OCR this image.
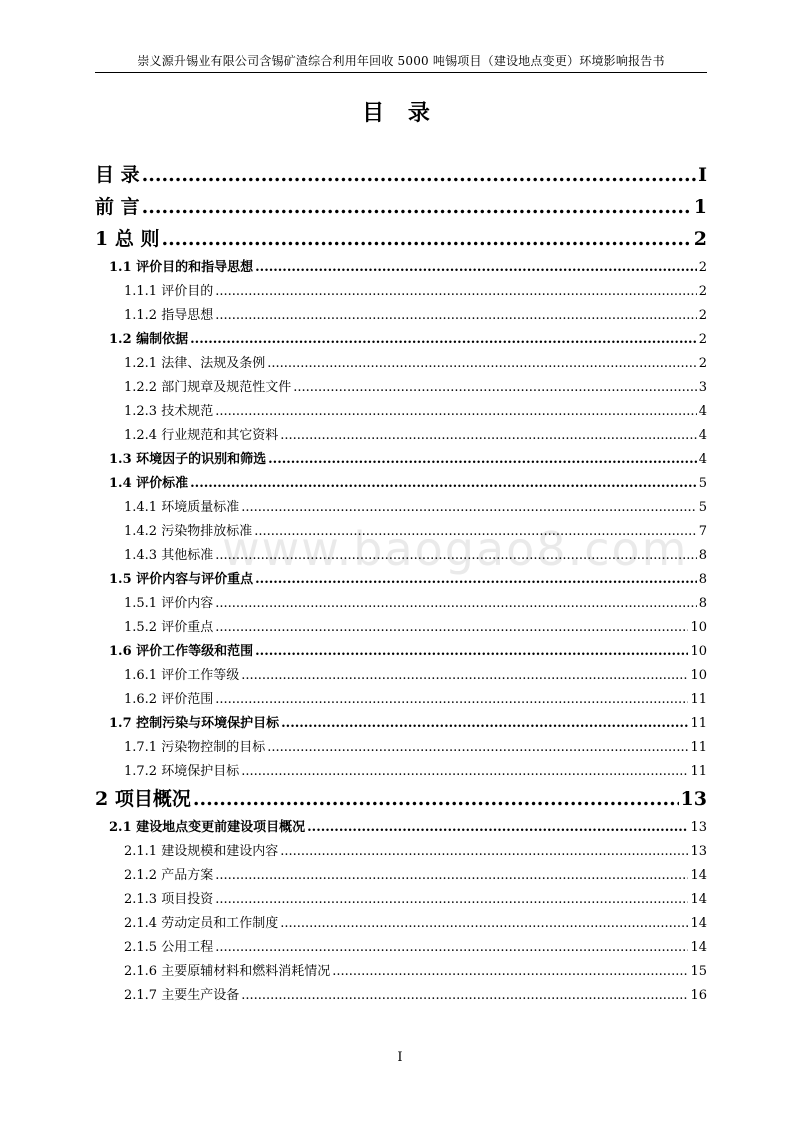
崇义源升锡业有限公司含锡矿渣综合利用年回收 5000 吨锡项目（建设地点变更）环境影响报告书
目 录
www.baogao8.com
目 录 .....	I
前 言 .....	1
1 总 则 .....	2
1.1 评价目的和指导思想 .....	2
1.1.1 评价目的 .....	2
1.1.2 指导思想 .....	2
1.2 编制依据 .....	2
1.2.1 法律、法规及条例 .....	2
1.2.2 部门规章及规范性文件 .....	3
1.2.3 技术规范 .....	4
1.2.4 行业规范和其它资料 .....	4
1.3 环境因子的识别和筛选 .....	4
1.4 评价标准 .....	5
1.4.1 环境质量标准 .....	5
1.4.2 污染物排放标准 .....	7
1.4.3 其他标准 .....	8
1.5 评价内容与评价重点 .....	8
1.5.1 评价内容 .....	8
1.5.2 评价重点 .....	10
1.6 评价工作等级和范围 .....	10
1.6.1 评价工作等级 .....	10
1.6.2 评价范围 .....	11
1.7 控制污染与环境保护目标 .....	11
1.7.1 污染物控制的目标 .....	11
1.7.2 环境保护目标 .....	11
2 项目概况 .....	13
2.1 建设地点变更前建设项目概况 .....	13
2.1.1 建设规模和建设内容 .....	13
2.1.2 产品方案 .....	14
2.1.3 项目投资 .....	14
2.1.4 劳动定员和工作制度 .....	14
2.1.5 公用工程 .....	14
2.1.6 主要原辅材料和燃料消耗情况 .....	15
2.1.7 主要生产设备 .....	16
I
